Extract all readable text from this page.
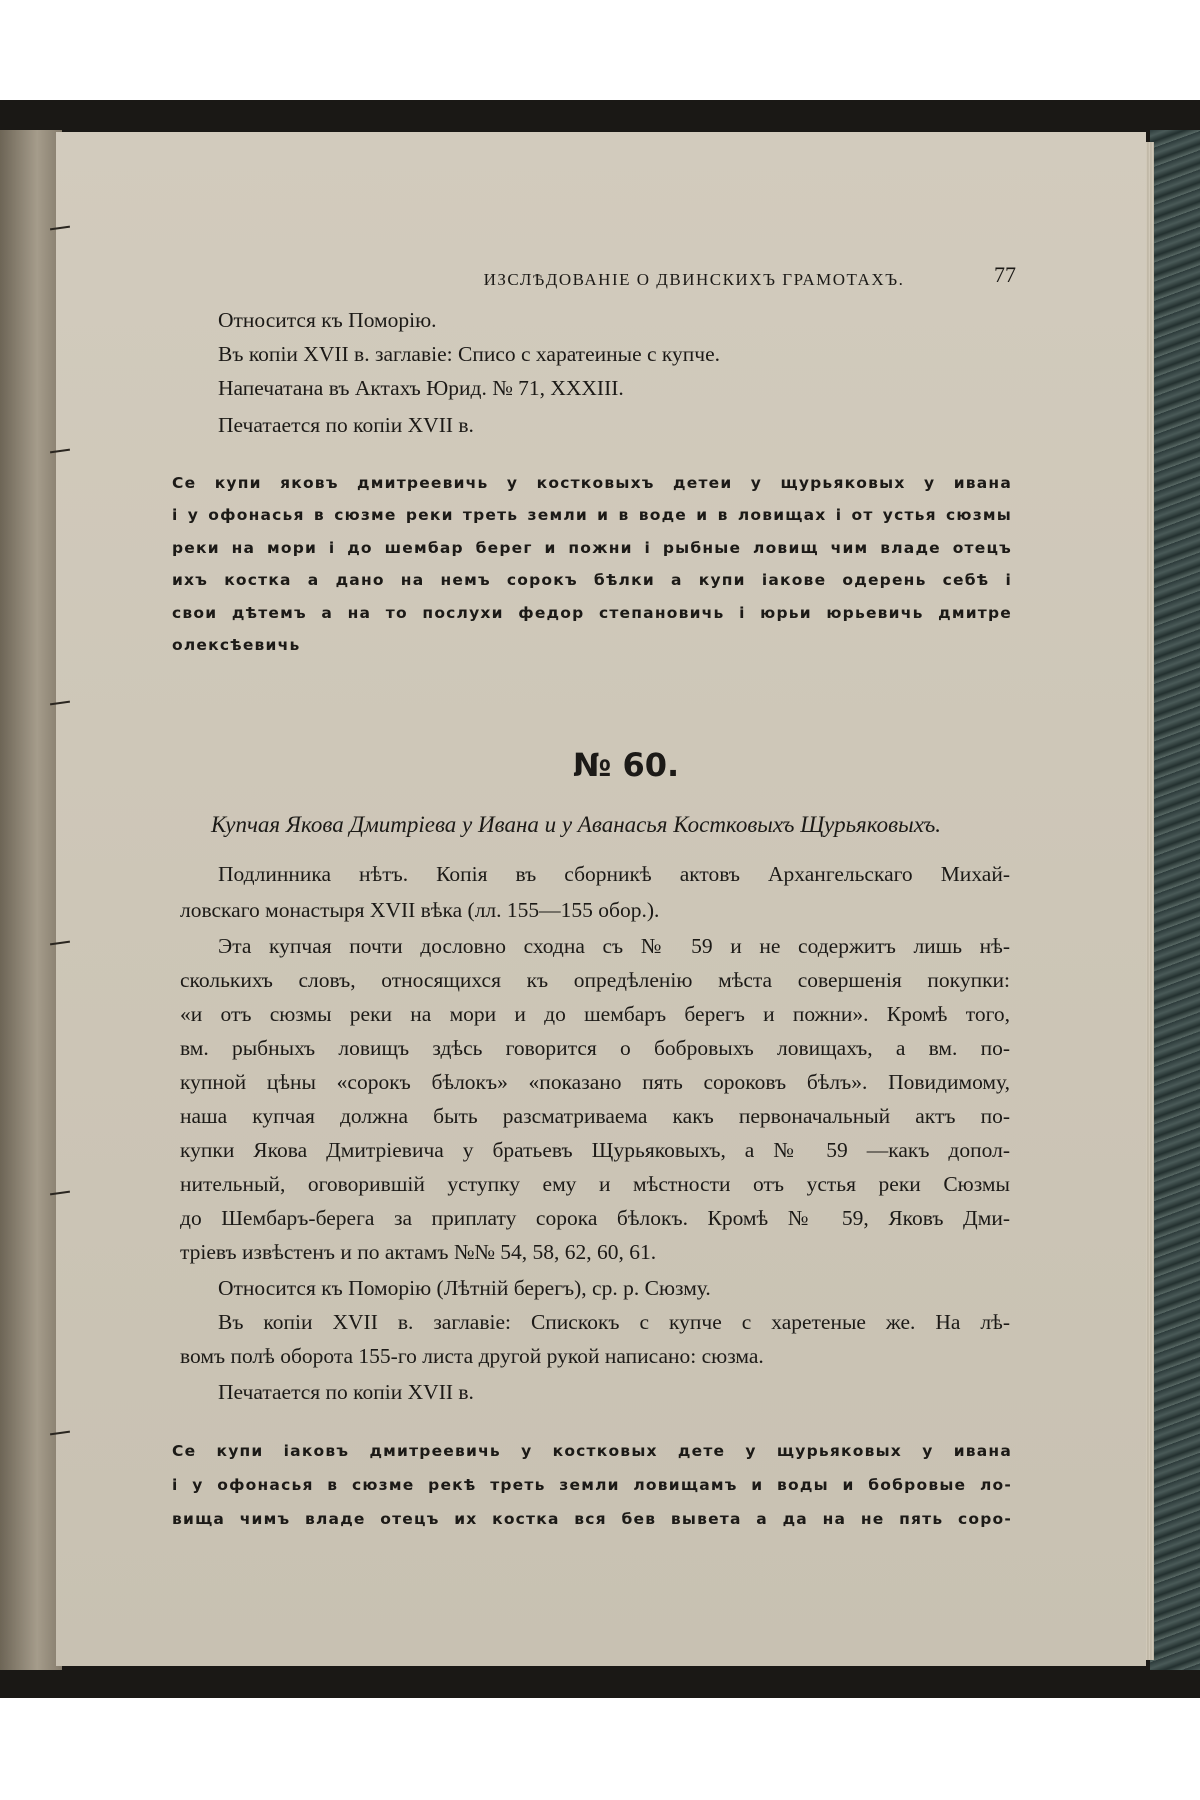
ИЗСЛѢДОВАНІЕ О ДВИНСКИХЪ ГРАМОТАХЪ.	77
Относится къ Поморію.
Въ копіи XVII в. заглавіе: Списо с харатеиные с купче.
Напечатана въ Актахъ Юрид. № 71, XXXIII.
Печатается по копіи XVII в.
Се купи яковъ дмитреевичь у костковыхъ детеи у щурьяковых у ивана
і у офонасья в сюзме реки треть земли и в воде и в ловищах і от устья сюзмы
реки на мори і до шембар берег и пожни і рыбные ловищ чим владе отецъ
ихъ костка а дано на немъ сорокъ бѣлки а купи іакове одерень себѣ і
свои дѣтемъ а на то послухи федор степановичь і юрьи юрьевичь дмитре
олексѣевичь
№ 60.
Купчая Якова Дмитріева у Ивана и у Аванасья Костковыхъ Щурьяковыхъ.
Подлинника нѣтъ. Копія въ сборникѣ актовъ Архангельскаго Михай-
ловскаго монастыря XVII вѣка (лл. 155—155 обор.).
Эта купчая почти дословно сходна съ № 59 и не содержитъ лишь нѣ-
сколькихъ словъ, относящихся къ опредѣленію мѣста совершенія покупки:
«и отъ сюзмы реки на мори и до шембаръ берегъ и пожни». Кромѣ того,
вм. рыбныхъ ловищъ здѣсь говорится о бобровыхъ ловищахъ, а вм. по-
купной цѣны «сорокъ бѣлокъ» «показано пять сороковъ бѣлъ». Повидимому,
наша купчая должна быть разсматриваема какъ первоначальный актъ по-
купки Якова Дмитріевича у братьевъ Щурьяковыхъ, а № 59 —какъ допол-
нительный, оговорившій уступку ему и мѣстности отъ устья реки Сюзмы
до Шембаръ-берега за приплату сорока бѣлокъ. Кромѣ № 59, Яковъ Дми-
тріевъ извѣстенъ и по актамъ №№ 54, 58, 62, 60, 61.
Относится къ Поморію (Лѣтній берегъ), ср. р. Сюзму.
Въ копіи XVII в. заглавіе: Спискокъ с купче с харетеные же. На лѣ-
вомъ полѣ оборота 155-го листа другой рукой написано: сюзма.
Печатается по копіи XVII в.
Се купи іаковъ дмитреевичь у костковых дете у щурьяковых у ивана
і у офонасья в сюзме рекѣ треть земли ловищамъ и воды и бобровые ло-
вища чимъ владе отецъ их костка вся бев вывета а да на не пять соро-
